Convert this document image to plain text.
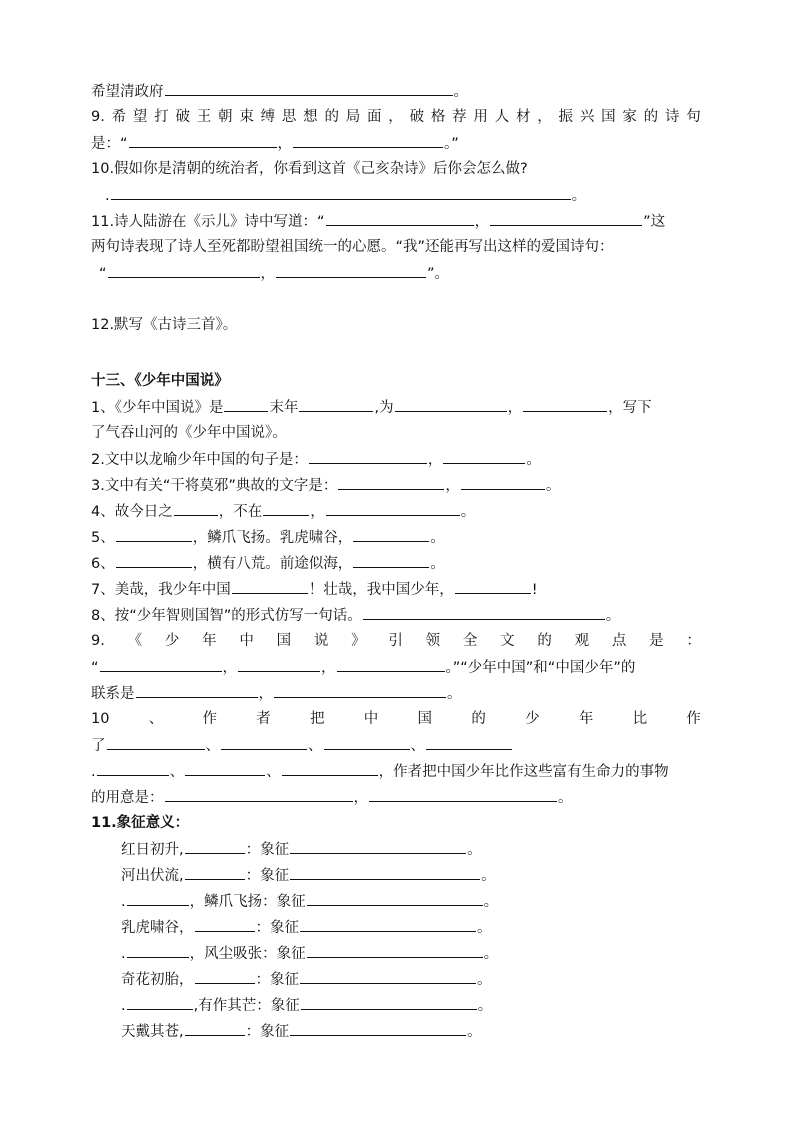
希望清政府	。
9. 希 望 打 破 王 朝 束 缚 思 想 的 局 面 ， 破 格 荐 用 人 材 ， 振 兴 国 家 的 诗 句
是：“	，	。”
10.假如你是清朝的统治者，你看到这首《己亥杂诗》后你会怎么做?
.	。
11.诗人陆游在《示儿》诗中写道：“	，	”这
两句诗表现了诗人至死都盼望祖国统一的心愿。“我”还能再写出这样的爱国诗句：
“	，	”。
12.默写《古诗三首》。
十三、《少年中国说》
1、《少年中国说》是	末年	,为	，	，写下
了气吞山河的《少年中国说》。
2.文中以龙喻少年中国的句子是：	，	。
3.文中有关“干将莫邪”典故的文字是：	，	。
4、故今日之	，不在	，	。
5、	，鳞爪飞扬。乳虎啸谷，	。
6、	，横有八荒。前途似海，	。
7、美哉，我少年中国	！壮哉，我中国少年，	!
8、按“少年智则国智”的形式仿写一句话。	。
9. 《 少 年 中 国 说 》 引 领 全 文 的 观 点 是 ：
“	，	，	。”“少年中国”和“中国少年”的
联系是	，	。
10	、	作	者	把	中	国	的	少	年	比	作
了	、	、	、
.	、	、	，作者把中国少年比作这些富有生命力的事物
的用意是：	，	。
11.象征意义：
红日初升,	：象征	。
河出伏流,	：象征	。
.	，鳞爪飞扬：象征	。
乳虎啸谷，	：象征	。
.	，风尘吸张：象征	。
奇花初胎，	：象征	。
.	,有作其芒：象征	。
天戴其苍,	：象征	。
